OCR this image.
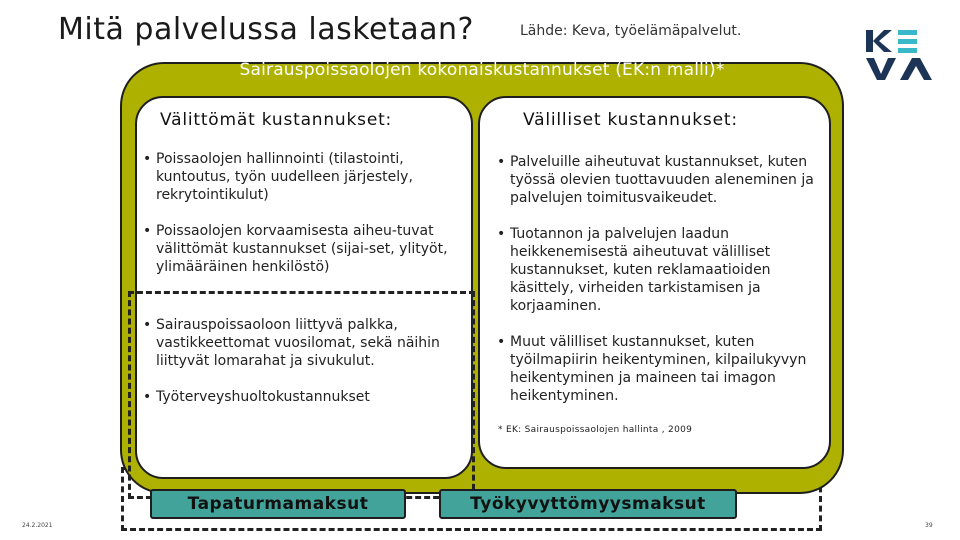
Mitä palvelussa lasketaan?	Lähde: Keva, työelämäpalvelut.
Sairauspoissaolojen kokonaiskustannukset (EK:n malli)*
Välittömät kustannukset:	Välilliset kustannukset:
• Poissaolojen hallinnointi (tilastointi, kuntoutus, työn uudelleen järjestely, rekrytointikulut)
• Poissaolojen korvaamisesta aiheu-tuvat välittömät kustannukset (sijai-set, ylityöt, ylimääräinen henkilöstö)
• Sairauspoissaoloon liittyvä palkka, vastikkeettomat vuosilomat, sekä näihin liittyvät lomarahat ja sivukulut.
• Työterveyshuoltokustannukset
• Palveluille aiheutuvat kustannukset, kuten työssä olevien tuottavuuden aleneminen ja palvelujen toimitusvaikeudet.
• Tuotannon ja palvelujen laadun heikkenemisestä aiheutuvat välilliset kustannukset, kuten reklamaatioiden käsittely, virheiden tarkistamisen ja korjaaminen.
• Muut välilliset kustannukset, kuten työilmapiirin heikentyminen, kilpailukyvyn heikentyminen ja maineen tai imagon heikentyminen.
* EK: Sairauspoissaolojen hallinta , 2009
Tapaturmamaksut	Työkyvyttömyysmaksut
24.2.2021	39
